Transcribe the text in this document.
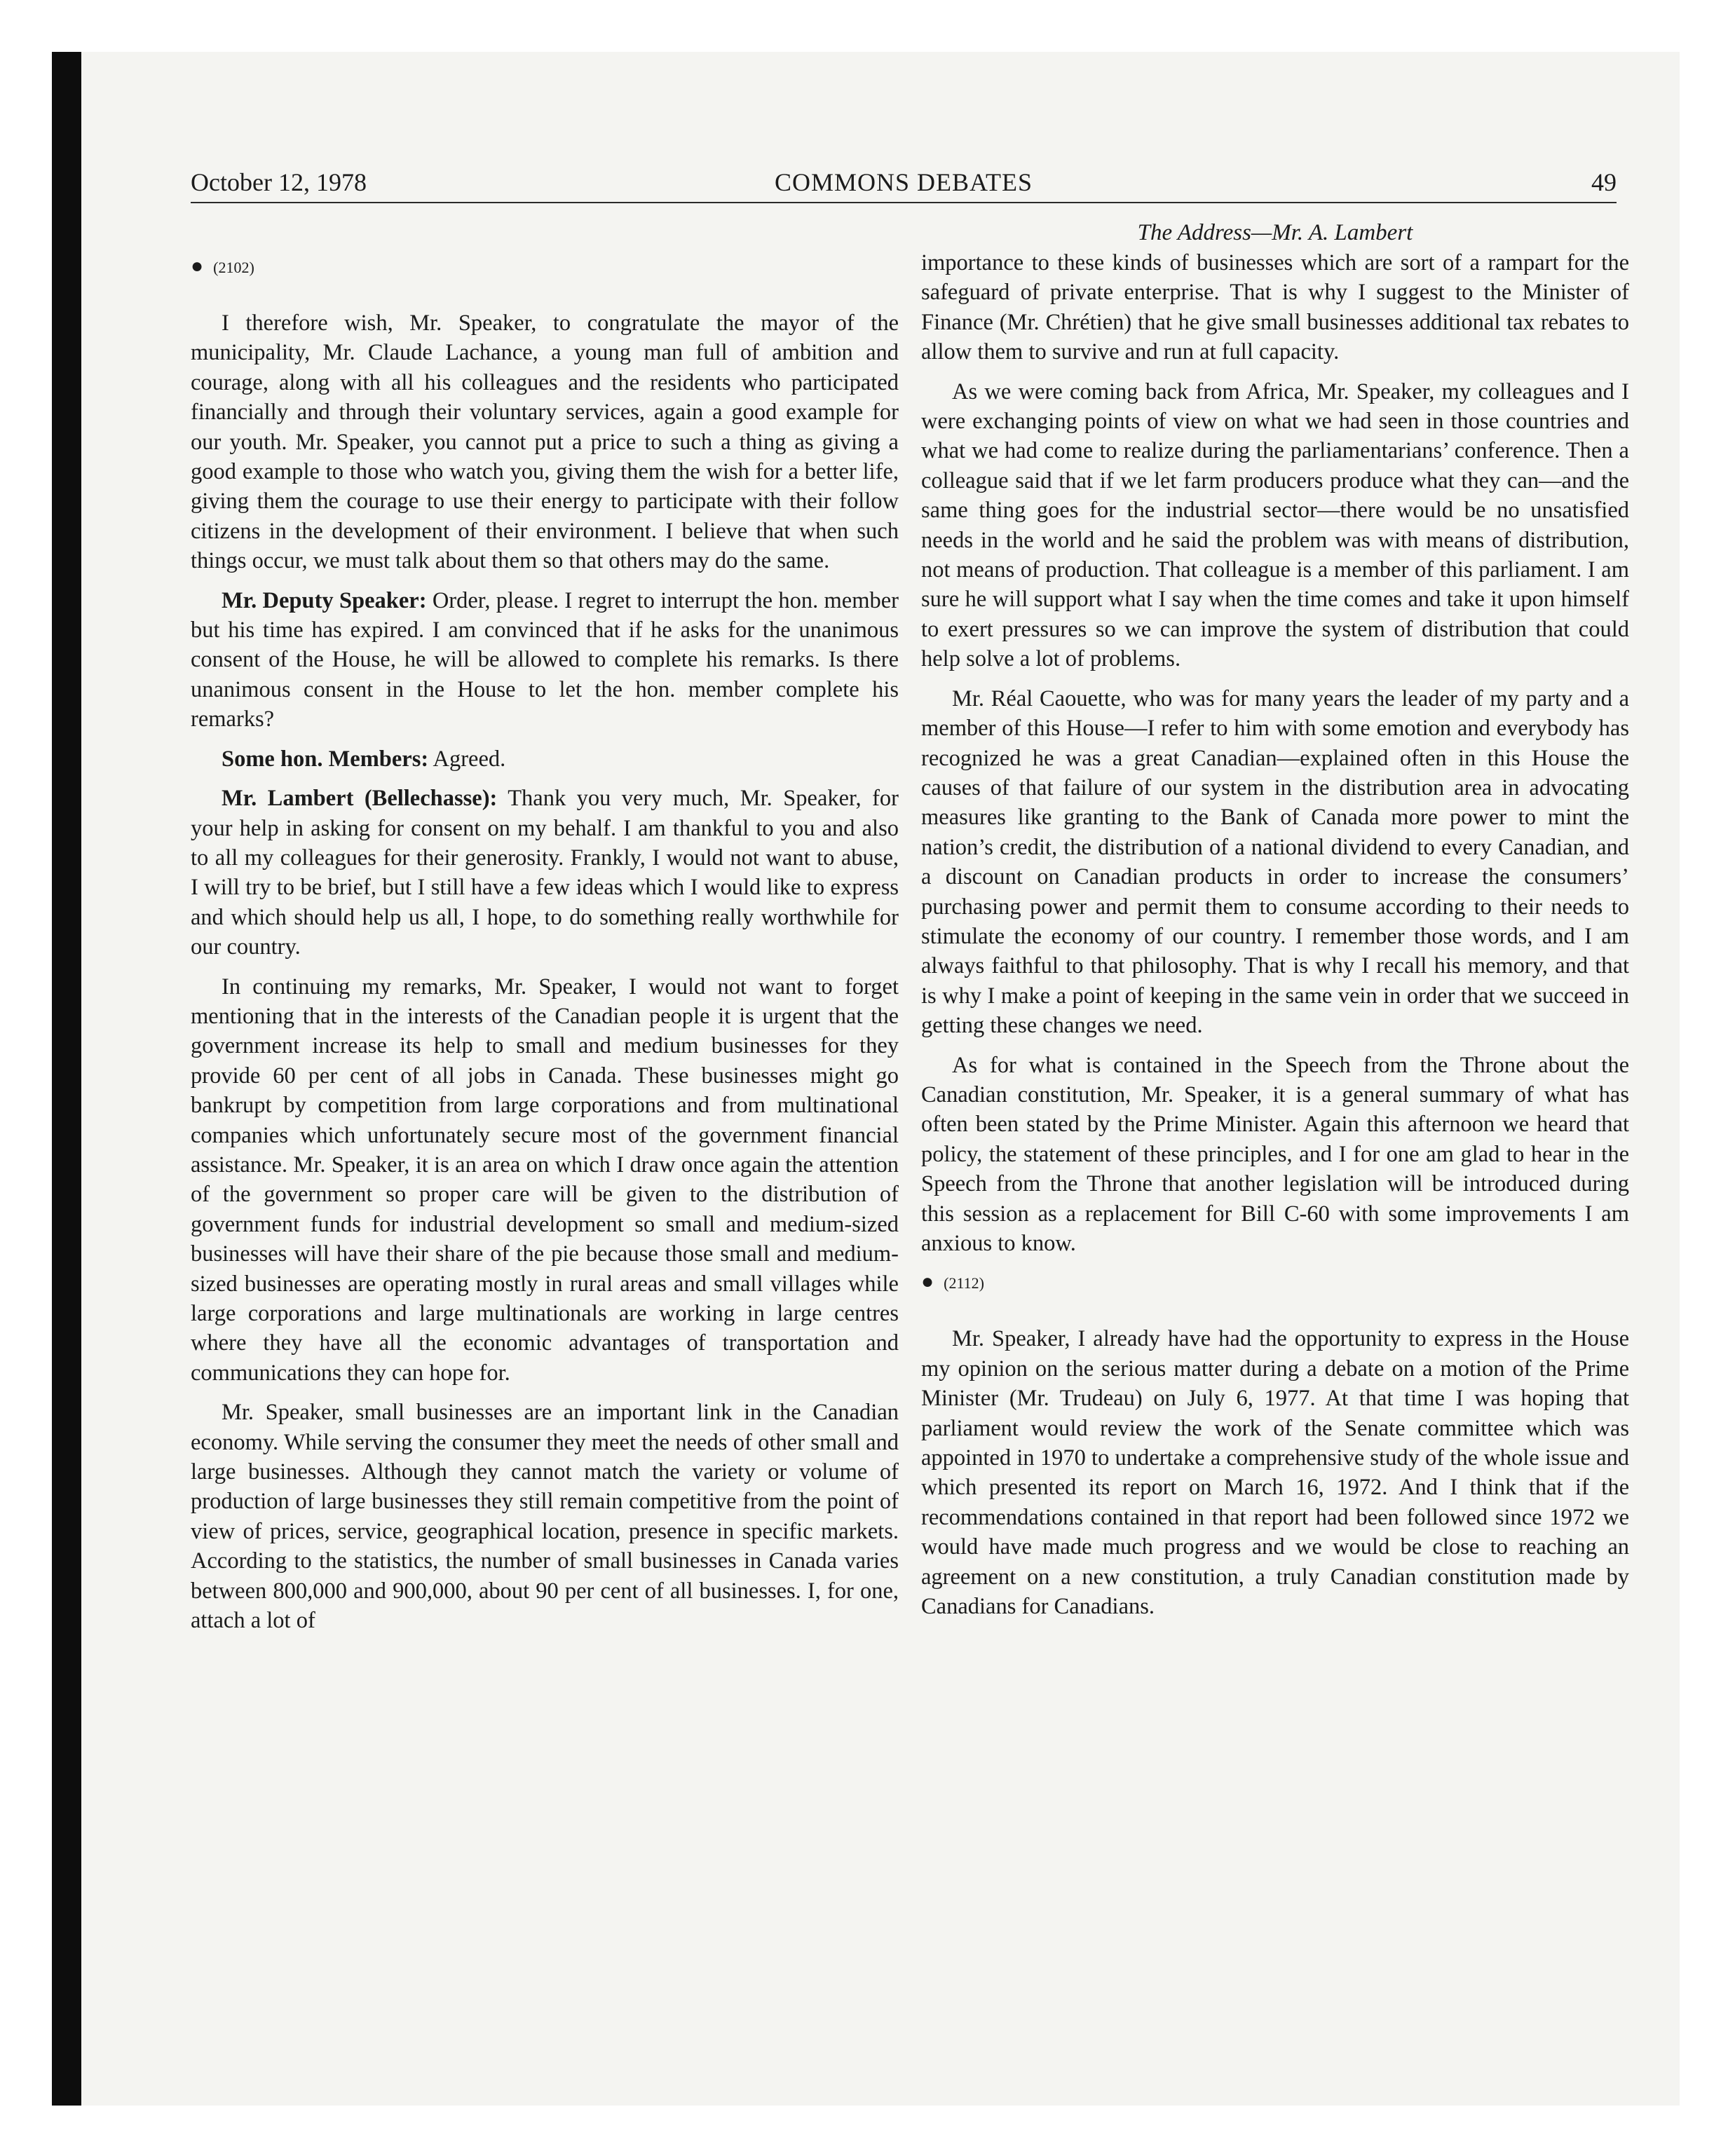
October 12, 1978	COMMONS DEBATES	49
● (2102)

I therefore wish, Mr. Speaker, to congratulate the mayor of the municipality, Mr. Claude Lachance, a young man full of ambition and courage, along with all his colleagues and the residents who participated financially and through their voluntary services, again a good example for our youth. Mr. Speaker, you cannot put a price to such a thing as giving a good example to those who watch you, giving them the wish for a better life, giving them the courage to use their energy to participate with their follow citizens in the development of their environment. I believe that when such things occur, we must talk about them so that others may do the same.

Mr. Deputy Speaker: Order, please. I regret to interrupt the hon. member but his time has expired. I am convinced that if he asks for the unanimous consent of the House, he will be allowed to complete his remarks. Is there unanimous consent in the House to let the hon. member complete his remarks?

Some hon. Members: Agreed.

Mr. Lambert (Bellechasse): Thank you very much, Mr. Speaker, for your help in asking for consent on my behalf. I am thankful to you and also to all my colleagues for their generosity. Frankly, I would not want to abuse, I will try to be brief, but I still have a few ideas which I would like to express and which should help us all, I hope, to do something really worthwhile for our country.

In continuing my remarks, Mr. Speaker, I would not want to forget mentioning that in the interests of the Canadian people it is urgent that the government increase its help to small and medium businesses for they provide 60 per cent of all jobs in Canada. These businesses might go bankrupt by competition from large corporations and from multinational companies which unfortunately secure most of the government financial assistance. Mr. Speaker, it is an area on which I draw once again the attention of the government so proper care will be given to the distribution of government funds for industrial development so small and medium-sized businesses will have their share of the pie because those small and medium-sized businesses are operating mostly in rural areas and small villages while large corporations and large multinationals are working in large centres where they have all the economic advantages of transportation and communications they can hope for.

Mr. Speaker, small businesses are an important link in the Canadian economy. While serving the consumer they meet the needs of other small and large businesses. Although they cannot match the variety or volume of production of large businesses they still remain competitive from the point of view of prices, service, geographical location, presence in specific markets. According to the statistics, the number of small businesses in Canada varies between 800,000 and 900,000, about 90 per cent of all businesses. I, for one, attach a lot of

The Address—Mr. A. Lambert

importance to these kinds of businesses which are sort of a rampart for the safeguard of private enterprise. That is why I suggest to the Minister of Finance (Mr. Chrétien) that he give small businesses additional tax rebates to allow them to survive and run at full capacity.

As we were coming back from Africa, Mr. Speaker, my colleagues and I were exchanging points of view on what we had seen in those countries and what we had come to realize during the parliamentarians’ conference. Then a colleague said that if we let farm producers produce what they can—and the same thing goes for the industrial sector—there would be no unsatisfied needs in the world and he said the problem was with means of distribution, not means of production. That colleague is a member of this parliament. I am sure he will support what I say when the time comes and take it upon himself to exert pressures so we can improve the system of distribution that could help solve a lot of problems.

Mr. Réal Caouette, who was for many years the leader of my party and a member of this House—I refer to him with some emotion and everybody has recognized he was a great Canadian—explained often in this House the causes of that failure of our system in the distribution area in advocating measures like granting to the Bank of Canada more power to mint the nation’s credit, the distribution of a national dividend to every Canadian, and a discount on Canadian products in order to increase the consumers’ purchasing power and permit them to consume according to their needs to stimulate the economy of our country. I remember those words, and I am always faithful to that philosophy. That is why I recall his memory, and that is why I make a point of keeping in the same vein in order that we succeed in getting these changes we need.

As for what is contained in the Speech from the Throne about the Canadian constitution, Mr. Speaker, it is a general summary of what has often been stated by the Prime Minister. Again this afternoon we heard that policy, the statement of these principles, and I for one am glad to hear in the Speech from the Throne that another legislation will be introduced during this session as a replacement for Bill C-60 with some improvements I am anxious to know.

● (2112)

Mr. Speaker, I already have had the opportunity to express in the House my opinion on the serious matter during a debate on a motion of the Prime Minister (Mr. Trudeau) on July 6, 1977. At that time I was hoping that parliament would review the work of the Senate committee which was appointed in 1970 to undertake a comprehensive study of the whole issue and which presented its report on March 16, 1972. And I think that if the recommendations contained in that report had been followed since 1972 we would have made much progress and we would be close to reaching an agreement on a new constitution, a truly Canadian constitution made by Canadians for Canadians.
